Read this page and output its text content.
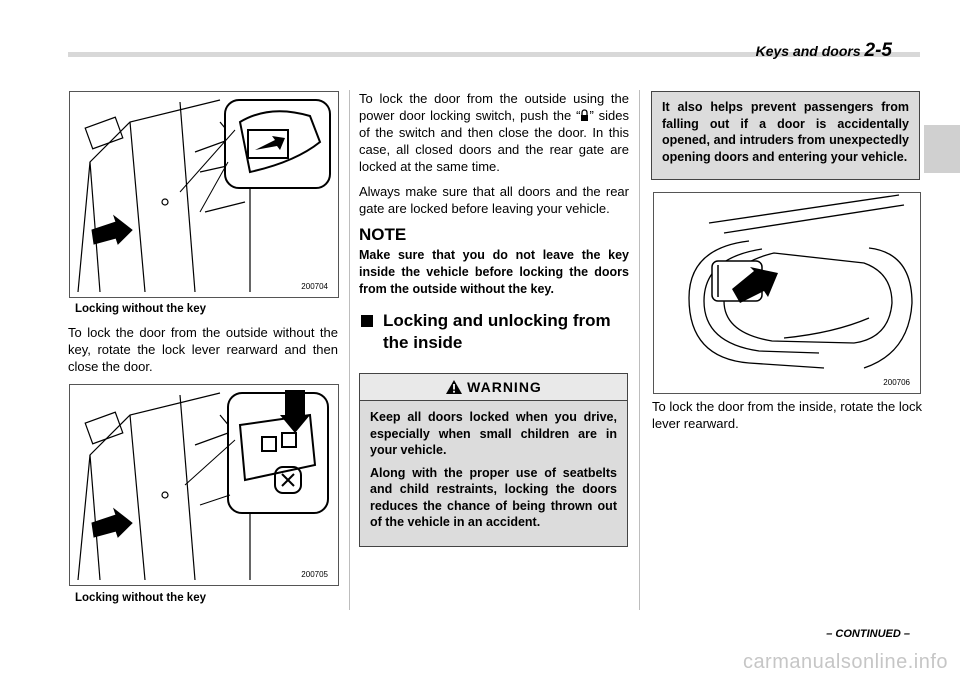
Keys and doors 2-5
200704
Locking without the key

To lock the door from the outside without the key, rotate the lock lever rearward and then close the door.

200705
Locking without the key

To lock the door from the outside using the power door locking switch, push the “ ” sides of the switch and then close the door. In this case, all closed doors and the rear gate are locked at the same time.

Always make sure that all doors and the rear gate are locked before leaving your vehicle.

NOTE

Make sure that you do not leave the key inside the vehicle before locking the doors from the outside without the key.

Locking and unlocking from the inside
WARNING

Keep all doors locked when you drive, especially when small children are in your vehicle.

Along with the proper use of seatbelts and child restraints, locking the doors reduces the chance of being thrown out of the vehicle in an accident.

It also helps prevent passengers from falling out if a door is accidentally opened, and intruders from unexpectedly opening doors and entering your vehicle.

200706

To lock the door from the inside, rotate the lock lever rearward.

– CONTINUED –
carmanualsonline.info
